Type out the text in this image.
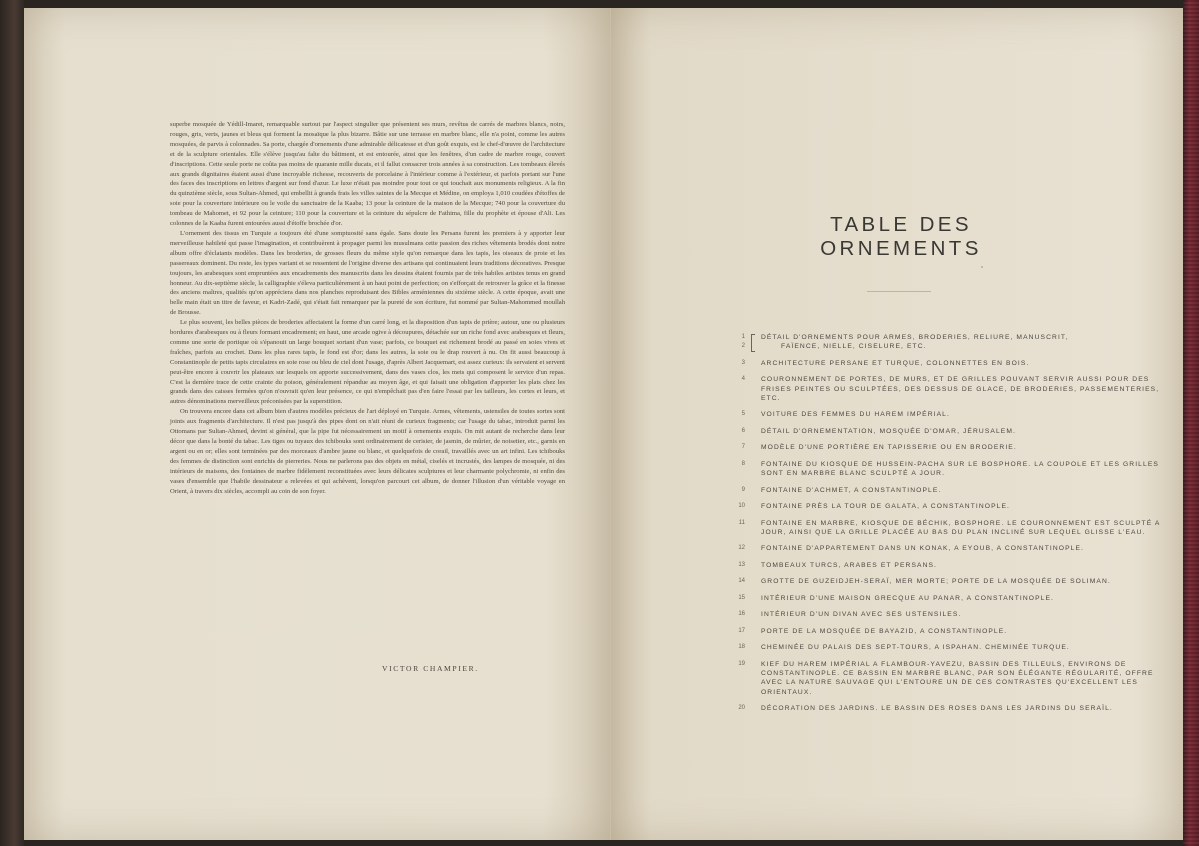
superbe mosquée de Yédill-Imaret, remarquable surtout par l'aspect singulier que présentent ses murs, revêtus de carrés de marbres blancs, noirs, rouges, gris, verts, jaunes et bleus qui forment la mosaïque la plus bizarre. Bâtie sur une terrasse en marbre blanc, elle n'a point, comme les autres mosquées, de parvis à colonnades. Sa porte, chargée d'ornements d'une admirable délicatesse et d'un goût exquis, est le chef-d'œuvre de l'architecture et de la sculpture orientales. Elle s'élève jusqu'au faîte du bâtiment, et est entourée, ainsi que les fenêtres, d'un cadre de marbre rouge, couvert d'inscriptions. Cette seule porte ne coûta pas moins de quarante mille ducats, et il fallut consacrer trois années à sa construction. Les tombeaux élevés aux grands dignitaires étaient aussi d'une incroyable richesse, recouverts de porcelaine à l'intérieur comme à l'extérieur, et parfois portant sur l'une des faces des inscriptions en lettres d'argent sur fond d'azur. Le luxe n'était pas moindre pour tout ce qui touchait aux monuments religieux. A la fin du quinzième siècle, sous Sultan-Ahmed, qui embellit à grands frais les villes saintes de la Mecque et Médine, on employa 1,010 coudées d'étoffes de soie pour la couverture intérieure ou le voile du sanctuaire de la Kaaba; 13 pour la ceinture de la maison de la Mecque; 740 pour la couverture du tombeau de Mahomet, et 92 pour la ceinture; 110 pour la couverture et la ceinture du sépulcre de Fathima, fille du prophète et épouse d'Ali. Les colonnes de la Kaaba furent entourées aussi d'étoffe brochée d'or.

L'ornement des tissus en Turquie a toujours été d'une somptuosité sans égale. Sans doute les Persans furent les premiers à y apporter leur merveilleuse habileté qui passe l'imagination, et contribuèrent à propager parmi les musulmans cette passion des riches vêtements brodés dont notre album offre d'éclatants modèles. Dans les broderies, de grosses fleurs du même style qu'on remarque dans les tapis, les oiseaux de proie et les passereaux dominent. Du reste, les types variant et se ressentent de l'origine diverse des artisans qui continuaient leurs traditions décoratives. Presque toujours, les arabesques sont empruntées aux encadrements des manuscrits dans les dessins étaient fournis par de très habiles artistes tenus en grand honneur. Au dix-septième siècle, la calligraphie s'éleva particulièrement à un haut point de perfection; on s'efforçait de retrouver la grâce et la finesse des anciens maîtres, qualités qu'on appréciera dans nos planches reproduisant des Bibles arméniennes du sixième siècle. A cette époque, avait une belle main était un titre de faveur, et Kadri-Zadé, qui s'était fait remarquer par la pureté de son écriture, fut nommé par Sultan-Mahommed moullah de Brousse.

Le plus souvent, les belles pièces de broderies affectaient la forme d'un carré long, et la disposition d'un tapis de prière; autour, une ou plusieurs bordures d'arabesques ou à fleurs formant encadrement; en haut, une arcade ogive à découpures, détachée sur un riche fond avec arabesques et fleurs, comme une sorte de portique où s'épanouit un large bouquet sortant d'un vase; parfois, ce bouquet est richement brodé au passé en soies vives et fraîches, parfois au crochet. Dans les plus rares tapis, le fond est d'or; dans les autres, la soie ou le drap rouvert à nu. On fit aussi beaucoup à Constantinople de petits tapis circulaires en soie rose ou bleu de ciel dont l'usage, d'après Albert Jacquemart, est assez curieux: ils servaient et servent peut-être encore à couvrir les plateaux sur lesquels on apporte successivement, dans des vases clos, les mets qui composent le service d'un repas. C'est la dernière trace de cette crainte du poison, généralement répandue au moyen âge, et qui faisait une obligation d'apporter les plats chez les grands dans des caisses fermées qu'on n'ouvrait qu'en leur présence, ce qui n'empêchait pas d'en faire l'essai par les tailleurs, les cortes et leurs, et autres dénominations merveilleux préconisées par la superstition.

On trouvera encore dans cet album bien d'autres modèles précieux de l'art déployé en Turquie. Armes, vêtements, ustensiles de toutes sortes sont joints aux fragments d'architecture. Il n'est pas jusqu'à des pipes dont on n'ait réuni de curieux fragments; car l'usage du tabac, introduit parmi les Ottomans par Sultan-Ahmed, devint si général, que la pipe fut nécessairement un motif à ornements exquis. On mit autant de recherche dans leur décor que dans la bonté du tabac. Les tiges ou tuyaux des tchibouks sont ordinairement de cerisier, de jasmin, de mûrier, de noisetier, etc., garnis en argent ou en or; elles sont terminées par des morceaux d'ambre jaune ou blanc, et quelquefois de corail, travaillés avec un art infini. Les tchibouks des femmes de distinction sont enrichis de pierreries. Nous ne parlerons pas des objets en métal, ciselés et incrustés, des lampes de mosquée, ni des intérieurs de maisons, des fontaines de marbre fidèlement reconstituées avec leurs délicates sculptures et leur charmante polychromie, ni enfin des vases d'ensemble que l'habile dessinateur a relevées et qui achèvent, lorsqu'on parcourt cet album, de donner l'illusion d'un véritable voyage en Orient, à travers dix siècles, accompli au coin de son foyer.

VICTOR CHAMPIER.
TABLE DES ORNEMENTS
1
2
DÉTAIL D'ORNEMENTS POUR ARMES, BRODERIES, RELIURE, MANUSCRIT,
FAÏENCE, NIELLE, CISELURE, ETC.
3 ARCHITECTURE PERSANE ET TURQUE, COLONNETTES EN BOIS.
4 COURONNEMENT DE PORTES, DE MURS, ET DE GRILLES POUVANT SERVIR AUSSI POUR DES FRISES PEINTES OU SCULPTÉES, DES DESSUS DE GLACE, DE BRODERIES, PASSEMENTERIES, ETC.
5 VOITURE DES FEMMES DU HAREM IMPÉRIAL.
6 DÉTAIL D'ORNEMENTATION, MOSQUÉE D'OMAR, JÉRUSALEM.
7 MODÈLE D'UNE PORTIÈRE EN TAPISSERIE OU EN BRODERIE.
8 FONTAINE DU KIOSQUE DE HUSSEIN-PACHA SUR LE BOSPHORE. LA COUPOLE ET LES GRILLES SONT EN MARBRE BLANC SCULPTÉ A JOUR.
9 FONTAINE D'ACHMET, A CONSTANTINOPLE.
10 FONTAINE PRÈS LA TOUR DE GALATA, A CONSTANTINOPLE.
11 FONTAINE EN MARBRE, KIOSQUE DE BÉCHIK, BOSPHORE. LE COURONNEMENT EST SCULPTÉ A JOUR, AINSI QUE LA GRILLE PLACÉE AU BAS DU PLAN INCLINÉ SUR LEQUEL GLISSE L'EAU.
12 FONTAINE D'APPARTEMENT DANS UN KONAK, A EYOUB, A CONSTANTINOPLE.
13 TOMBEAUX TURCS, ARABES ET PERSANS.
14 GROTTE DE GUZEIDJEH-SERAÏ, MER MORTE; PORTE DE LA MOSQUÉE DE SOLIMAN.
15 INTÉRIEUR D'UNE MAISON GRECQUE AU PANAR, A CONSTANTINOPLE.
16 INTÉRIEUR D'UN DIVAN AVEC SES USTENSILES.
17 PORTE DE LA MOSQUÉE DE BAYAZID, A CONSTANTINOPLE.
18 CHEMINÉE DU PALAIS DES SEPT-TOURS, A ISPAHAN. CHEMINÉE TURQUE.
19 KIEF DU HAREM IMPÉRIAL A FLAMBOUR-YAVEZU, BASSIN DES TILLEULS, ENVIRONS DE CONSTANTINOPLE. CE BASSIN EN MARBRE BLANC, PAR SON ÉLÉGANTE RÉGULARITÉ, OFFRE AVEC LA NATURE SAUVAGE QUI L'ENTOURE UN DE CES CONTRASTES QU'EXCELLENT LES ORIENTAUX.
20 DÉCORATION DES JARDINS. LE BASSIN DES ROSES DANS LES JARDINS DU SERAÏL.
